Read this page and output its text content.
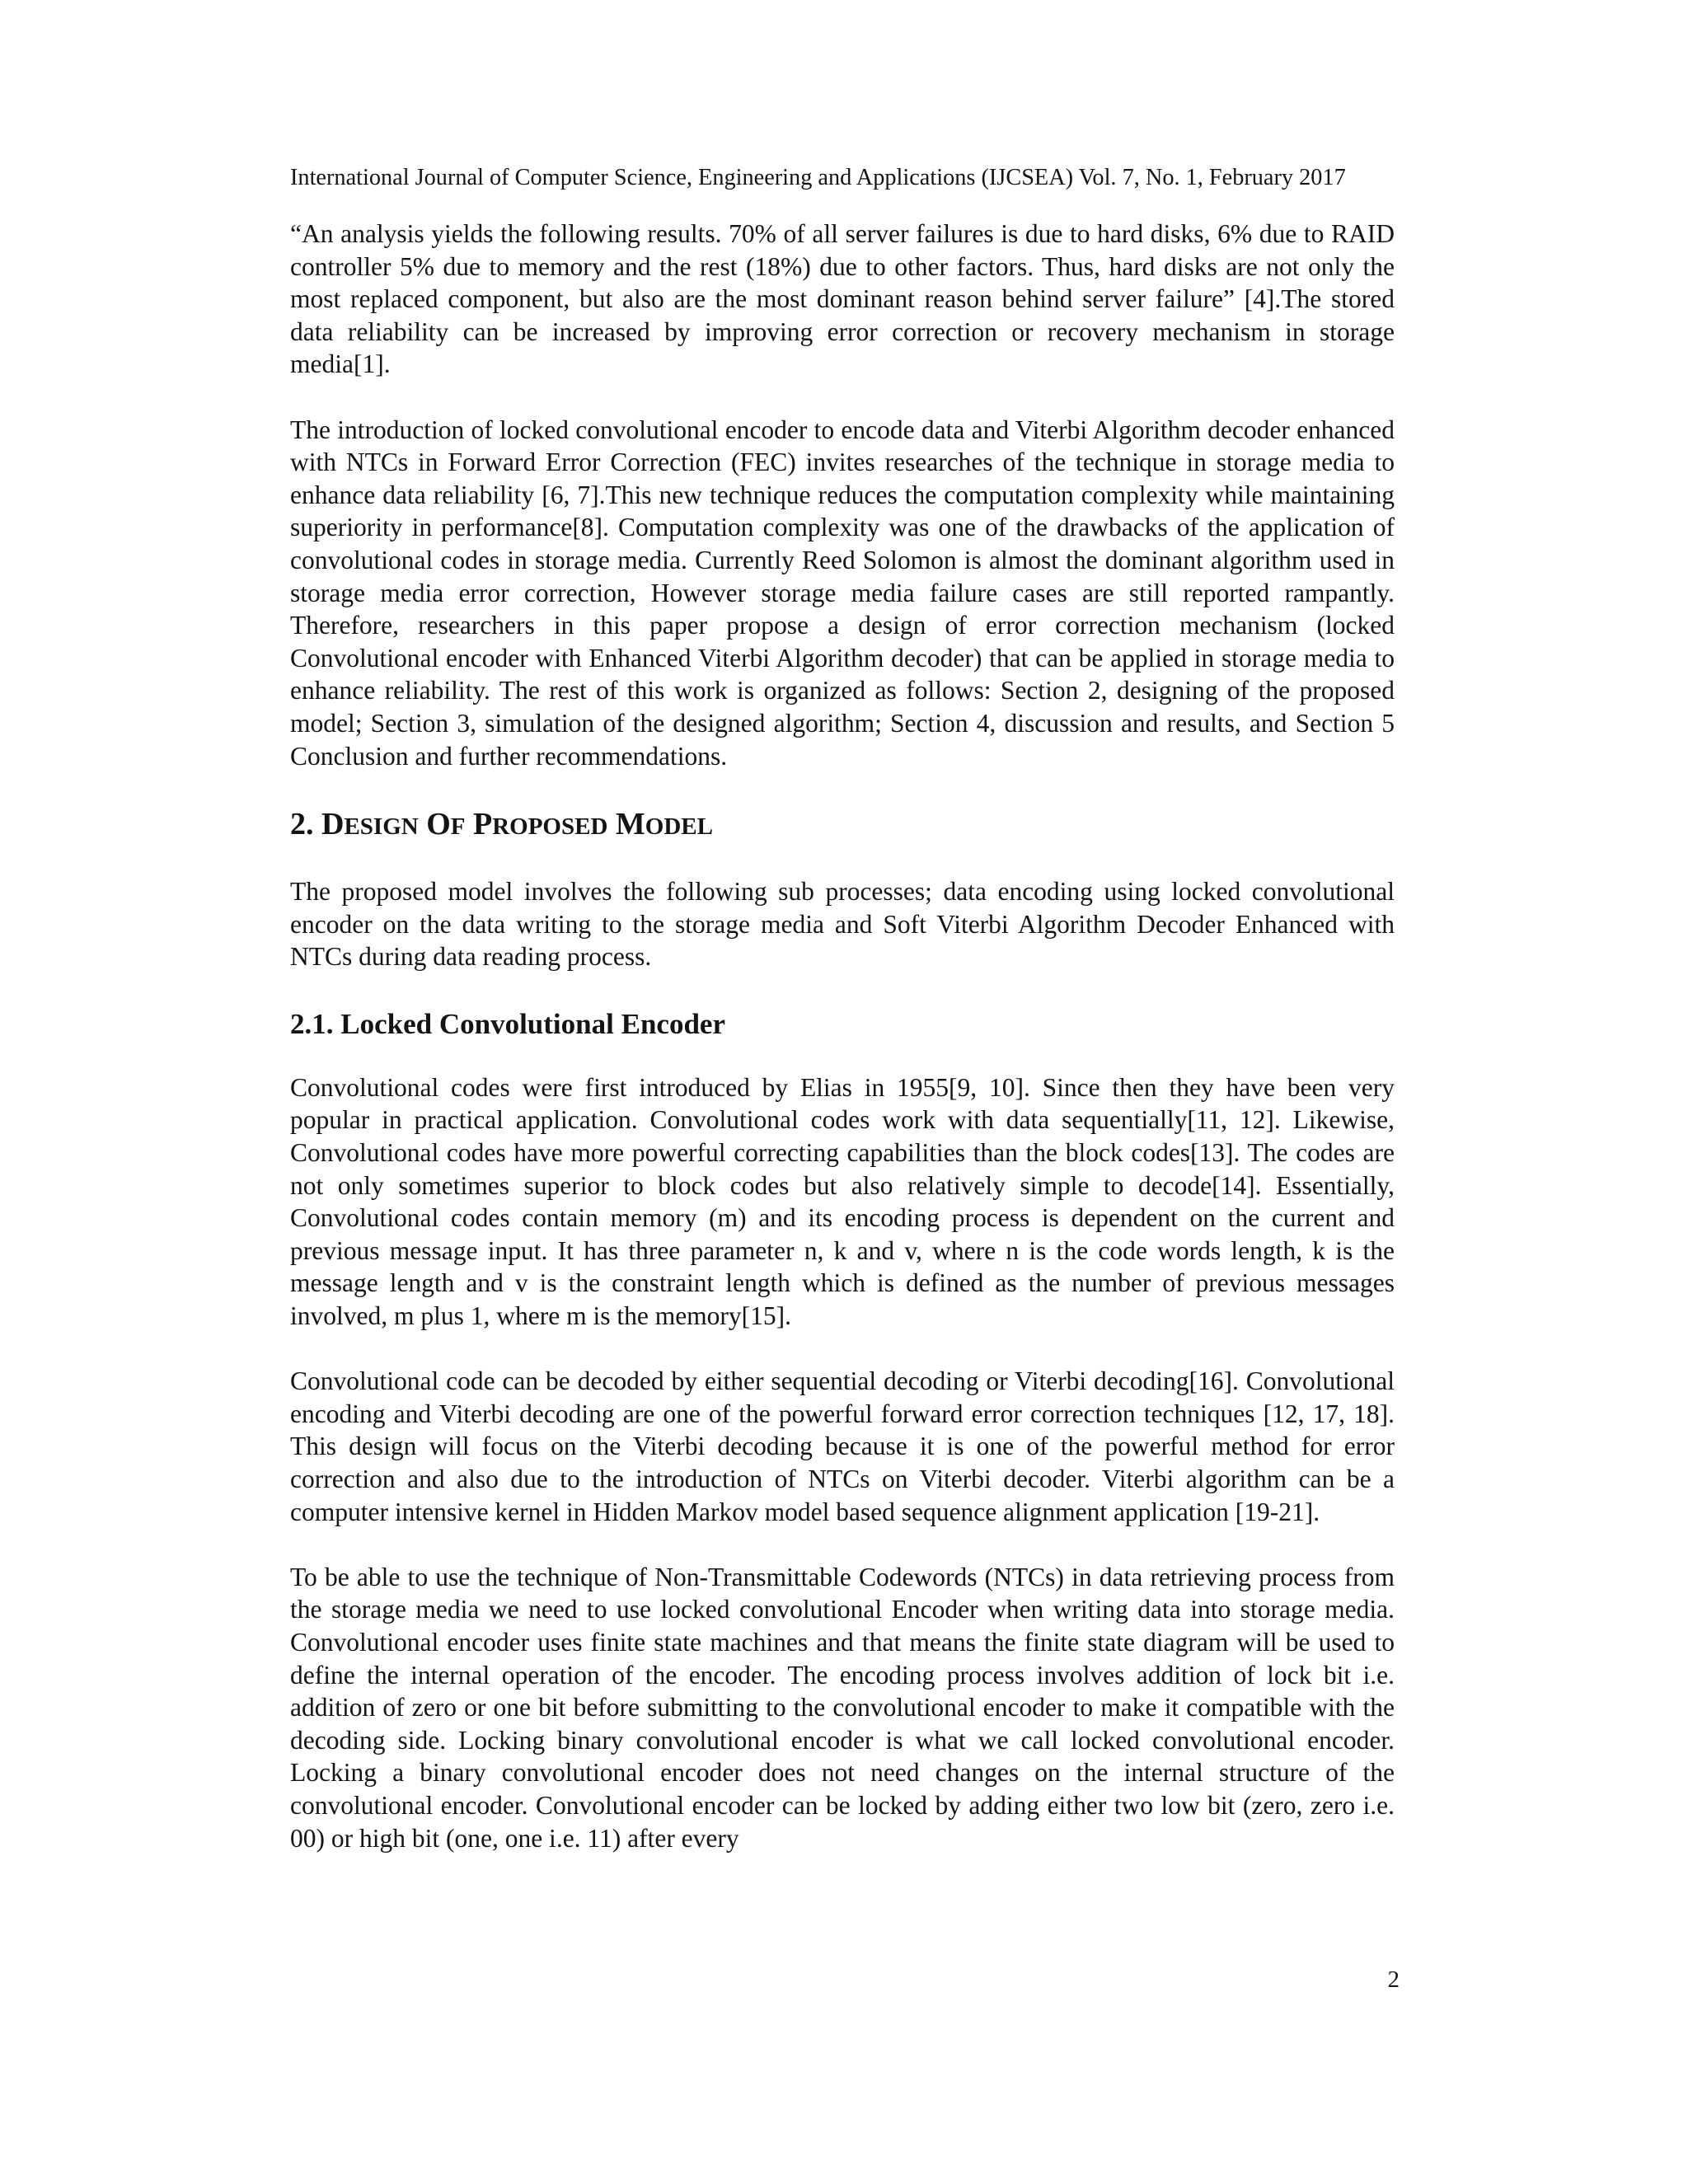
International Journal of Computer Science, Engineering and Applications (IJCSEA) Vol. 7, No. 1, February 2017

“An analysis yields the following results. 70% of all server failures is due to hard disks, 6% due to RAID controller 5% due to memory and the rest (18%) due to other factors. Thus, hard disks are not only the most replaced component, but also are the most dominant reason behind server failure” [4].The stored data reliability can be increased by improving error correction or recovery mechanism in storage media[1].

The introduction of locked convolutional encoder to encode data and Viterbi Algorithm decoder enhanced with NTCs in Forward Error Correction (FEC) invites researches of the technique in storage media to enhance data reliability [6, 7].This new technique reduces the computation complexity while maintaining superiority in performance[8]. Computation complexity was one of the drawbacks of the application of convolutional codes in storage media. Currently Reed Solomon is almost the dominant algorithm used in storage media error correction, However storage media failure cases are still reported rampantly. Therefore, researchers in this paper propose a design of error correction mechanism (locked Convolutional encoder with Enhanced Viterbi Algorithm decoder) that can be applied in storage media to enhance reliability. The rest of this work is organized as follows: Section 2, designing of the proposed model; Section 3, simulation of the designed algorithm; Section 4, discussion and results, and Section 5 Conclusion and further recommendations.

2. DESIGN OF PROPOSED MODEL

The proposed model involves the following sub processes; data encoding using locked convolutional encoder on the data writing to the storage media and Soft Viterbi Algorithm Decoder Enhanced with NTCs during data reading process.

2.1. Locked Convolutional Encoder

Convolutional codes were first introduced by Elias in 1955[9, 10]. Since then they have been very popular in practical application. Convolutional codes work with data sequentially[11, 12]. Likewise, Convolutional codes have more powerful correcting capabilities than the block codes[13]. The codes are not only sometimes superior to block codes but also relatively simple to decode[14]. Essentially, Convolutional codes contain memory (m) and its encoding process is dependent on the current and previous message input. It has three parameter n, k and v, where n is the code words length, k is the message length and v is the constraint length which is defined as the number of previous messages involved, m plus 1, where m is the memory[15].

Convolutional code can be decoded by either sequential decoding or Viterbi decoding[16]. Convolutional encoding and Viterbi decoding are one of the powerful forward error correction techniques [12, 17, 18]. This design will focus on the Viterbi decoding because it is one of the powerful method for error correction and also due to the introduction of NTCs on Viterbi decoder. Viterbi algorithm can be a computer intensive kernel in Hidden Markov model based sequence alignment application [19-21].

To be able to use the technique of Non-Transmittable Codewords (NTCs) in data retrieving process from the storage media we need to use locked convolutional Encoder when writing data into storage media. Convolutional encoder uses finite state machines and that means the finite state diagram will be used to define the internal operation of the encoder. The encoding process involves addition of lock bit i.e. addition of zero or one bit before submitting to the convolutional encoder to make it compatible with the decoding side. Locking binary convolutional encoder is what we call locked convolutional encoder. Locking a binary convolutional encoder does not need changes on the internal structure of the convolutional encoder. Convolutional encoder can be locked by adding either two low bit (zero, zero i.e. 00) or high bit (one, one i.e. 11) after every

2
